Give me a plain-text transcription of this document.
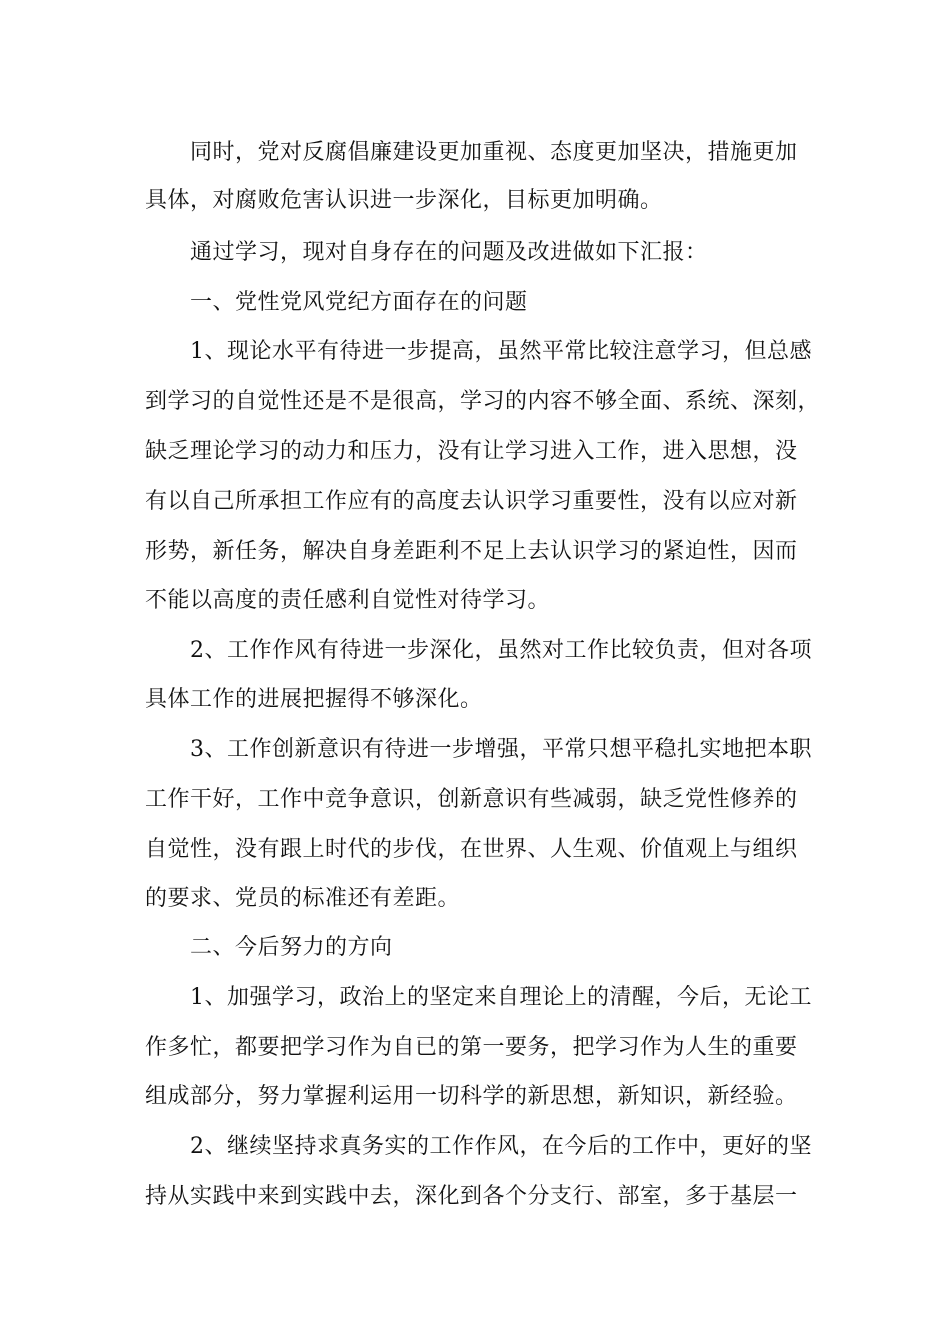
同时，党对反腐倡廉建设更加重视、态度更加坚决，措施更加
具体，对腐败危害认识进一步深化，目标更加明确。
通过学习，现对自身存在的问题及改进做如下汇报：
一、党性党风党纪方面存在的问题
1、现论水平有待进一步提高，虽然平常比较注意学习，但总感
到学习的自觉性还是不是很高，学习的内容不够全面、系统、深刻，
缺乏理论学习的动力和压力，没有让学习进入工作，进入思想，没
有以自己所承担工作应有的高度去认识学习重要性，没有以应对新
形势，新任务，解决自身差距利不足上去认识学习的紧迫性，因而
不能以高度的责任感利自觉性对待学习。
2、工作作风有待进一步深化，虽然对工作比较负责，但对各项
具体工作的进展把握得不够深化。
3、工作创新意识有待进一步增强，平常只想平稳扎实地把本职
工作干好，工作中竞争意识，创新意识有些减弱，缺乏党性修养的
自觉性，没有跟上时代的步伐，在世界、人生观、价值观上与组织
的要求、党员的标准还有差距。
二、今后努力的方向
1、加强学习，政治上的坚定来自理论上的清醒，今后，无论工
作多忙，都要把学习作为自已的第一要务，把学习作为人生的重要
组成部分，努力掌握利运用一切科学的新思想，新知识，新经验。
2、继续坚持求真务实的工作作风，在今后的工作中，更好的坚
持从实践中来到实践中去，深化到各个分支行、部室，多于基层一
